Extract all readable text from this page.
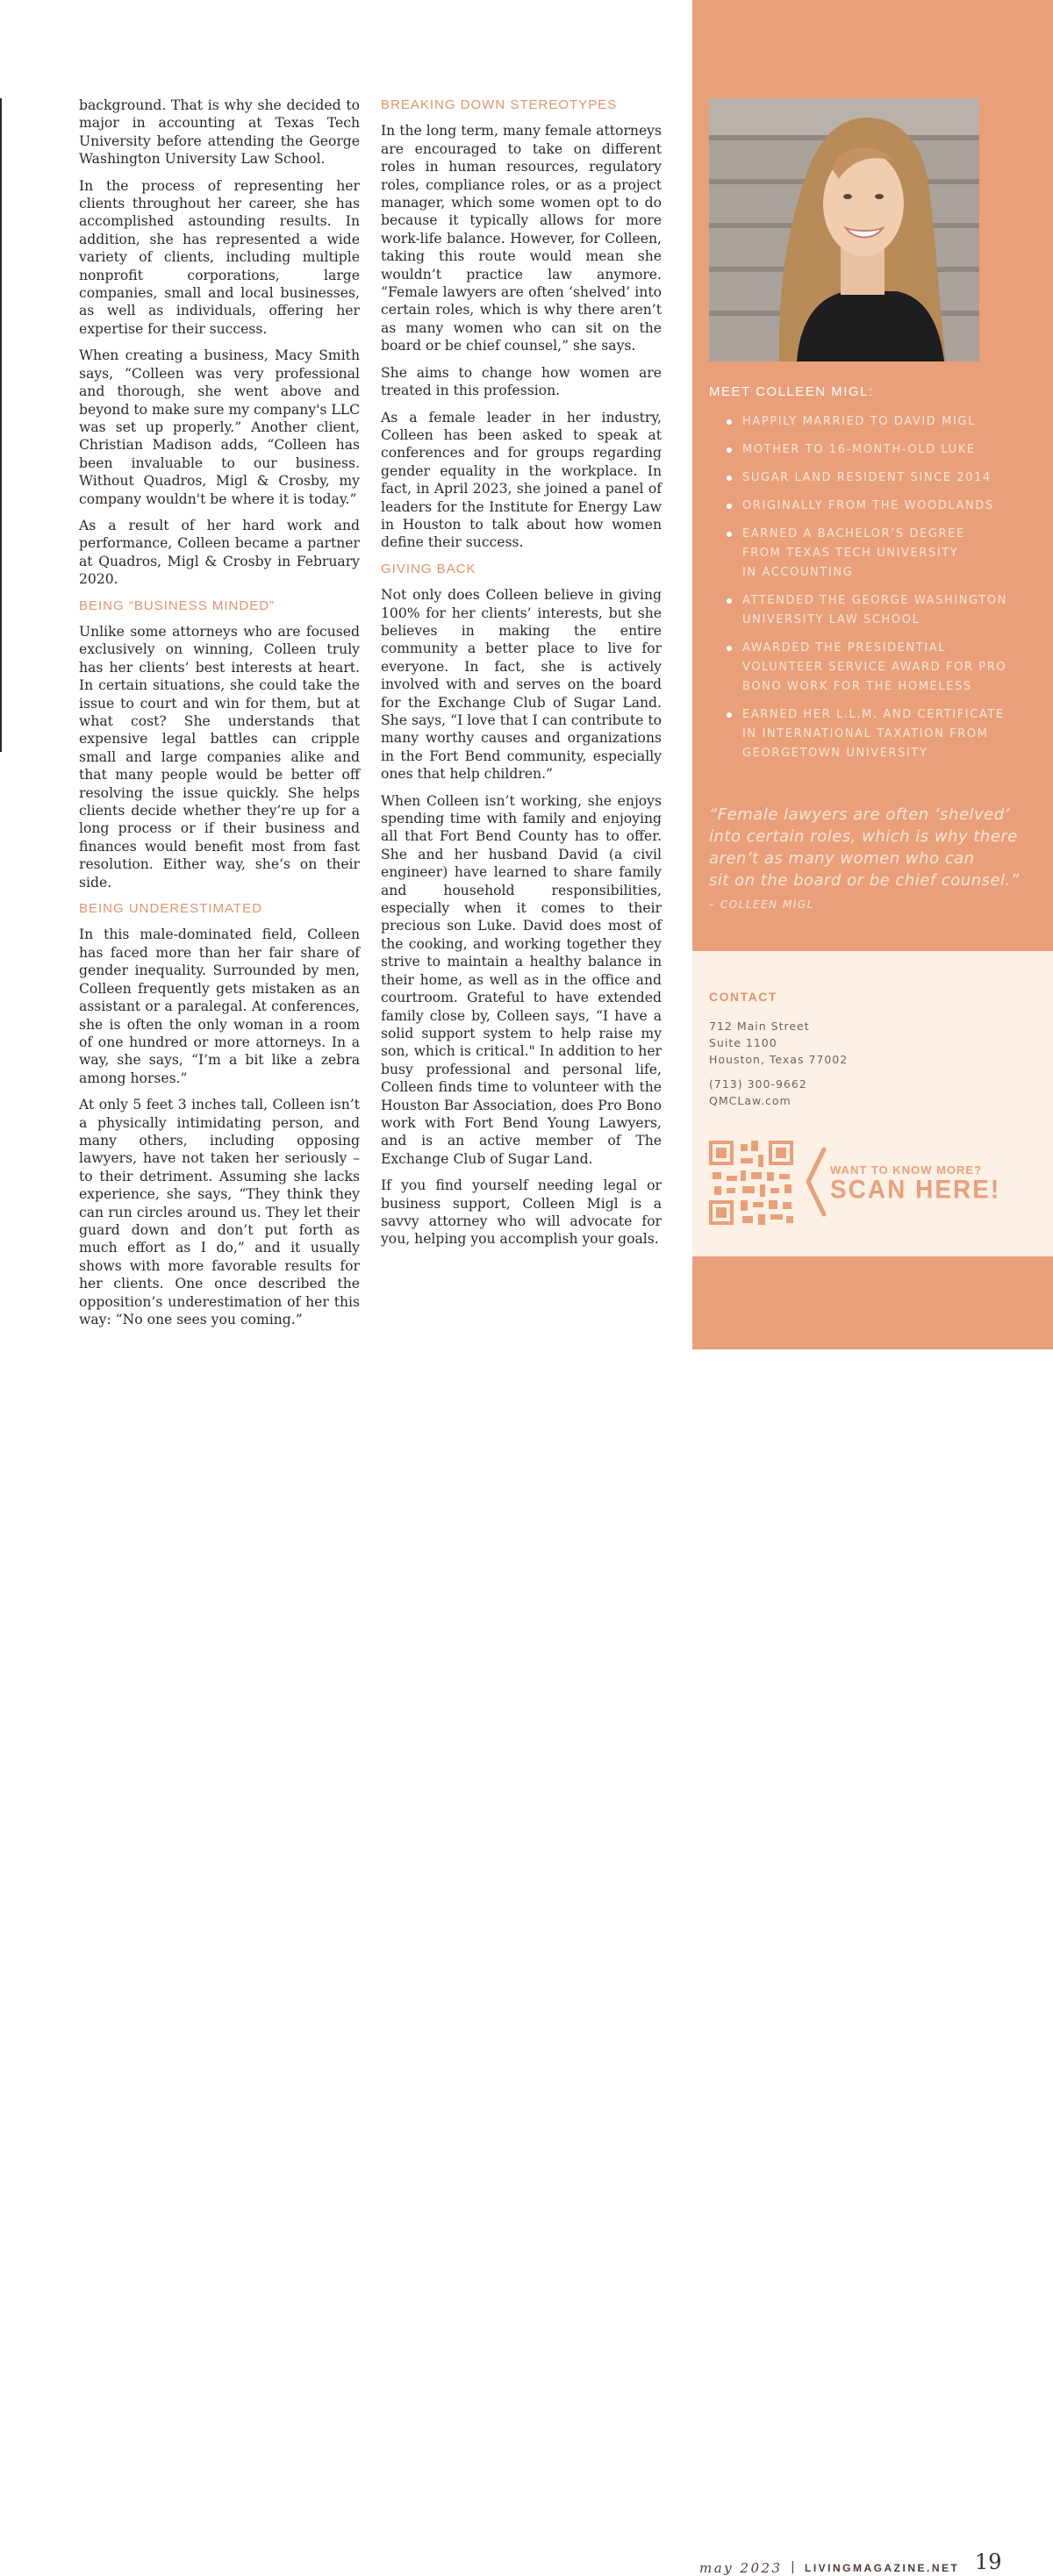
background. That is why she decided to major in accounting at Texas Tech University before attending the George Washington University Law School.

In the process of representing her clients throughout her career, she has accomplished astounding results. In addition, she has represented a wide variety of clients, including multiple nonprofit corporations, large companies, small and local businesses, as well as individuals, offering her expertise for their success.

When creating a business, Macy Smith says, “Colleen was very professional and thorough, she went above and beyond to make sure my company's LLC was set up properly.” Another client, Christian Madison adds, “Colleen has been invaluable to our business. Without Quadros, Migl & Crosby, my company wouldn't be where it is today.”

As a result of her hard work and performance, Colleen became a partner at Quadros, Migl & Crosby in February 2020.

BEING “BUSINESS MINDED”

Unlike some attorneys who are focused exclusively on winning, Colleen truly has her clients’ best interests at heart. In certain situations, she could take the issue to court and win for them, but at what cost? She understands that expensive legal battles can cripple small and large companies alike and that many people would be better off resolving the issue quickly. She helps clients decide whether they’re up for a long process or if their business and finances would benefit most from fast resolution. Either way, she’s on their side.

BEING UNDERESTIMATED

In this male-dominated field, Colleen has faced more than her fair share of gender inequality. Surrounded by men, Colleen frequently gets mistaken as an assistant or a paralegal. At conferences, she is often the only woman in a room of one hundred or more attorneys. In a way, she says, “I’m a bit like a zebra among horses.”

At only 5 feet 3 inches tall, Colleen isn’t a physically intimidating person, and many others, including opposing lawyers, have not taken her seriously – to their detriment. Assuming she lacks experience, she says, “They think they can run circles around us. They let their guard down and don’t put forth as much effort as I do,” and it usually shows with more favorable results for her clients. One once described the opposition’s underestimation of her this way: “No one sees you coming.”

BREAKING DOWN STEREOTYPES

In the long term, many female attorneys are encouraged to take on different roles in human resources, regulatory roles, compliance roles, or as a project manager, which some women opt to do because it typically allows for more work-life balance. However, for Colleen, taking this route would mean she wouldn’t practice law anymore. “Female lawyers are often ‘shelved’ into certain roles, which is why there aren’t as many women who can sit on the board or be chief counsel,” she says.

She aims to change how women are treated in this profession.

As a female leader in her industry, Colleen has been asked to speak at conferences and for groups regarding gender equality in the workplace. In fact, in April 2023, she joined a panel of leaders for the Institute for Energy Law in Houston to talk about how women define their success.

GIVING BACK

Not only does Colleen believe in giving 100% for her clients’ interests, but she believes in making the entire community a better place to live for everyone. In fact, she is actively involved with and serves on the board for the Exchange Club of Sugar Land. She says, “I love that I can contribute to many worthy causes and organizations in the Fort Bend community, especially ones that help children.”

When Colleen isn’t working, she enjoys spending time with family and enjoying all that Fort Bend County has to offer. She and her husband David (a civil engineer) have learned to share family and household responsibilities, especially when it comes to their precious son Luke. David does most of the cooking, and working together they strive to maintain a healthy balance in their home, as well as in the office and courtroom. Grateful to have extended family close by, Colleen says, “I have a solid support system to help raise my son, which is critical." In addition to her busy professional and personal life, Colleen finds time to volunteer with the Houston Bar Association, does Pro Bono work with Fort Bend Young Lawyers, and is an active member of The Exchange Club of Sugar Land.

If you find yourself needing legal or business support, Colleen Migl is a savvy attorney who will advocate for you, helping you accomplish your goals.

MEET COLLEEN MIGL:
HAPPILY MARRIED TO DAVID MIGL
MOTHER TO 16-MONTH-OLD LUKE
SUGAR LAND RESIDENT SINCE 2014
ORIGINALLY FROM THE WOODLANDS
EARNED A BACHELOR’S DEGREE
FROM TEXAS TECH UNIVERSITY
IN ACCOUNTING
ATTENDED THE GEORGE WASHINGTON
UNIVERSITY LAW SCHOOL
AWARDED THE PRESIDENTIAL
VOLUNTEER SERVICE AWARD FOR PRO
BONO WORK FOR THE HOMELESS
EARNED HER L.L.M. AND CERTIFICATE
IN INTERNATIONAL TAXATION FROM
GEORGETOWN UNIVERSITY
“Female lawyers are often ‘shelved’
into certain roles, which is why there
aren’t as many women who can
sit on the board or be chief counsel.”
– COLLEEN MIGL
CONTACT
712 Main Street
Suite 1100
Houston, Texas 77002
(713) 300-9662
QMCLaw.com
WANT TO KNOW MORE?
SCAN HERE!
may 2023 | LIVINGMAGAZINE.NET 19
